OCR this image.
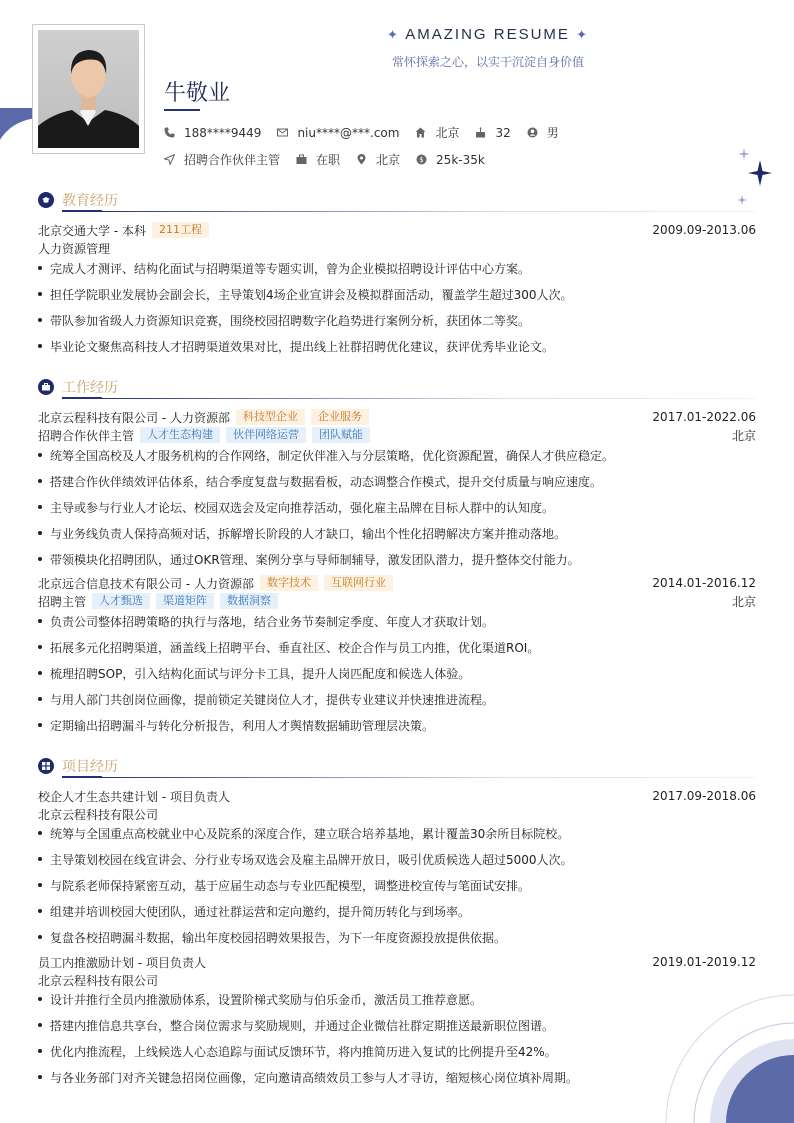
✦ AMAZING RESUME ✦
常怀探索之心，以实干沉淀自身价值
牛敬业
188****9449	niu****@***.com	北京	32	男
招聘合作伙伴主管	在职	北京	$ 25k-35k
教育经历
北京交通大学 - 本科	211工程	2009.09-2013.06
人力资源管理
完成人才测评、结构化面试与招聘渠道等专题实训，曾为企业模拟招聘设计评估中心方案。
担任学院职业发展协会副会长，主导策划4场企业宣讲会及模拟群面活动，覆盖学生超过300人次。
带队参加省级人力资源知识竞赛，围绕校园招聘数字化趋势进行案例分析，获团体二等奖。
毕业论文聚焦高科技人才招聘渠道效果对比，提出线上社群招聘优化建议，获评优秀毕业论文。
工作经历
北京云程科技有限公司 - 人力资源部	科技型企业	企业服务	2017.01-2022.06
招聘合作伙伴主管	人才生态构建	伙伴网络运营	团队赋能	北京
统筹全国高校及人才服务机构的合作网络，制定伙伴准入与分层策略，优化资源配置，确保人才供应稳定。
搭建合作伙伴绩效评估体系，结合季度复盘与数据看板，动态调整合作模式，提升交付质量与响应速度。
主导或参与行业人才论坛、校园双选会及定向推荐活动，强化雇主品牌在目标人群中的认知度。
与业务线负责人保持高频对话，拆解增长阶段的人才缺口，输出个性化招聘解决方案并推动落地。
带领模块化招聘团队，通过OKR管理、案例分享与导师制辅导，激发团队潜力，提升整体交付能力。
北京远合信息技术有限公司 - 人力资源部	数字技术	互联网行业	2014.01-2016.12
招聘主管	人才甄选	渠道矩阵	数据洞察	北京
负责公司整体招聘策略的执行与落地，结合业务节奏制定季度、年度人才获取计划。
拓展多元化招聘渠道，涵盖线上招聘平台、垂直社区、校企合作与员工内推，优化渠道ROI。
梳理招聘SOP，引入结构化面试与评分卡工具，提升人岗匹配度和候选人体验。
与用人部门共创岗位画像，提前锁定关键岗位人才，提供专业建议并快速推进流程。
定期输出招聘漏斗与转化分析报告，利用人才舆情数据辅助管理层决策。
项目经历
校企人才生态共建计划 - 项目负责人	2017.09-2018.06
北京云程科技有限公司
统筹与全国重点高校就业中心及院系的深度合作，建立联合培养基地，累计覆盖30余所目标院校。
主导策划校园在线宣讲会、分行业专场双选会及雇主品牌开放日，吸引优质候选人超过5000人次。
与院系老师保持紧密互动，基于应届生动态与专业匹配模型，调整进校宣传与笔面试安排。
组建并培训校园大使团队，通过社群运营和定向邀约，提升简历转化与到场率。
复盘各校招聘漏斗数据，输出年度校园招聘效果报告，为下一年度资源投放提供依据。
员工内推激励计划 - 项目负责人	2019.01-2019.12
北京云程科技有限公司
设计并推行全员内推激励体系，设置阶梯式奖励与伯乐金币，激活员工推荐意愿。
搭建内推信息共享台，整合岗位需求与奖励规则，并通过企业微信社群定期推送最新职位图谱。
优化内推流程，上线候选人心态追踪与面试反馈环节，将内推简历进入复试的比例提升至42%。
与各业务部门对齐关键急招岗位画像，定向邀请高绩效员工参与人才寻访，缩短核心岗位填补周期。
